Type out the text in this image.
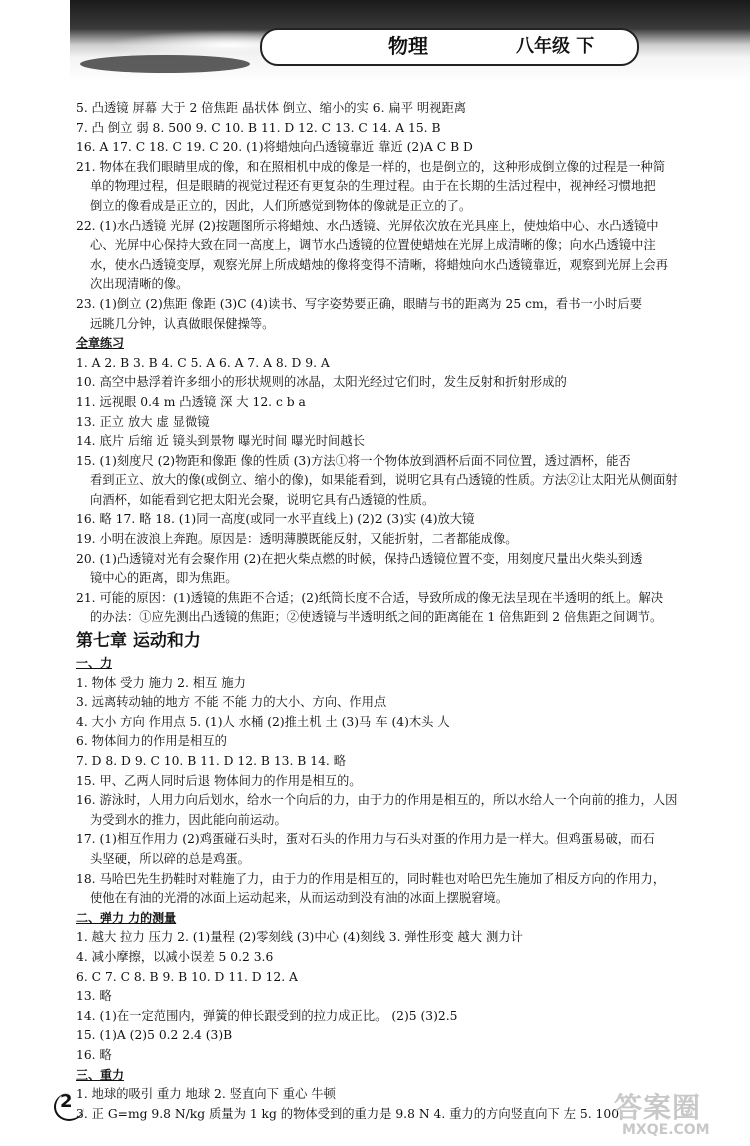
物理	八年级 下
5. 凸透镜 屏幕 大于 2 倍焦距 晶状体 倒立、缩小的实 6. 扁平 明视距离
7. 凸 倒立 弱 8. 500 9. C 10. B 11. D 12. C 13. C 14. A 15. B
16. A 17. C 18. C 19. C 20. (1)将蜡烛向凸透镜靠近 靠近 (2)A C B D
21. 物体在我们眼睛里成的像，和在照相机中成的像是一样的，也是倒立的，这种形成倒立像的过程是一种简
单的物理过程，但是眼睛的视觉过程还有更复杂的生理过程。由于在长期的生活过程中，视神经习惯地把
倒立的像看成是正立的，因此，人们所感觉到物体的像就是正立的了。
22. (1)水凸透镜 光屏 (2)按题图所示将蜡烛、水凸透镜、光屏依次放在光具座上，使烛焰中心、水凸透镜中
心、光屏中心保持大致在同一高度上，调节水凸透镜的位置使蜡烛在光屏上成清晰的像；向水凸透镜中注
水，使水凸透镜变厚，观察光屏上所成蜡烛的像将变得不清晰，将蜡烛向水凸透镜靠近，观察到光屏上会再
次出现清晰的像。
23. (1)倒立 (2)焦距 像距 (3)C (4)读书、写字姿势要正确，眼睛与书的距离为 25 cm，看书一小时后要
远眺几分钟，认真做眼保健操等。
全章练习
1. A 2. B 3. B 4. C 5. A 6. A 7. A 8. D 9. A
10. 高空中悬浮着许多细小的形状规则的冰晶，太阳光经过它们时，发生反射和折射形成的
11. 远视眼 0.4 m 凸透镜 深 大 12. c b a
13. 正立 放大 虚 显微镜
14. 底片 后缩 近 镜头到景物 曝光时间 曝光时间越长
15. (1)刻度尺 (2)物距和像距 像的性质 (3)方法①将一个物体放到酒杯后面不同位置，透过酒杯，能否
看到正立、放大的像(或倒立、缩小的像)，如果能看到，说明它具有凸透镜的性质。方法②让太阳光从侧面射
向酒杯，如能看到它把太阳光会聚，说明它具有凸透镜的性质。
16. 略 17. 略 18. (1)同一高度(或同一水平直线上) (2)2 (3)实 (4)放大镜
19. 小明在波浪上奔跑。原因是：透明薄膜既能反射，又能折射，二者都能成像。
20. (1)凸透镜对光有会聚作用 (2)在把火柴点燃的时候，保持凸透镜位置不变，用刻度尺量出火柴头到透
镜中心的距离，即为焦距。
21. 可能的原因：(1)透镜的焦距不合适；(2)纸筒长度不合适，导致所成的像无法呈现在半透明的纸上。解决
的办法：①应先测出凸透镜的焦距；②使透镜与半透明纸之间的距离能在 1 倍焦距到 2 倍焦距之间调节。
第七章 运动和力
一、力
1. 物体 受力 施力 2. 相互 施力
3. 远离转动轴的地方 不能 不能 力的大小、方向、作用点
4. 大小 方向 作用点 5. (1)人 水桶 (2)推土机 土 (3)马 车 (4)木头 人
6. 物体间力的作用是相互的
7. D 8. D 9. C 10. B 11. D 12. B 13. B 14. 略
15. 甲、乙两人同时后退 物体间力的作用是相互的。
16. 游泳时，人用力向后划水，给水一个向后的力，由于力的作用是相互的，所以水给人一个向前的推力，人因
为受到水的推力，因此能向前运动。
17. (1)相互作用力 (2)鸡蛋碰石头时，蛋对石头的作用力与石头对蛋的作用力是一样大。但鸡蛋易破，而石
头坚硬，所以碎的总是鸡蛋。
18. 马哈巴先生扔鞋时对鞋施了力，由于力的作用是相互的，同时鞋也对哈巴先生施加了相反方向的作用力，
使他在有油的光滑的冰面上运动起来，从而运动到没有油的冰面上摆脱窘境。
二、弹力 力的测量
1. 越大 拉力 压力 2. (1)量程 (2)零刻线 (3)中心 (4)刻线 3. 弹性形变 越大 测力计
4. 减小摩擦，以减小误差 5 0.2 3.6
6. C 7. C 8. B 9. B 10. D 11. D 12. A
13. 略
14. (1)在一定范围内，弹簧的伸长跟受到的拉力成正比。 (2)5 (3)2.5
15. (1)A (2)5 0.2 2.4 (3)B
16. 略
三、重力
1. 地球的吸引 重力 地球 2. 竖直向下 重心 牛顿
3. 正 G=mg 9.8 N/kg 质量为 1 kg 的物体受到的重力是 9.8 N 4. 重力的方向竖直向下 左 5. 100
2	答案圈
MXQE.COM
